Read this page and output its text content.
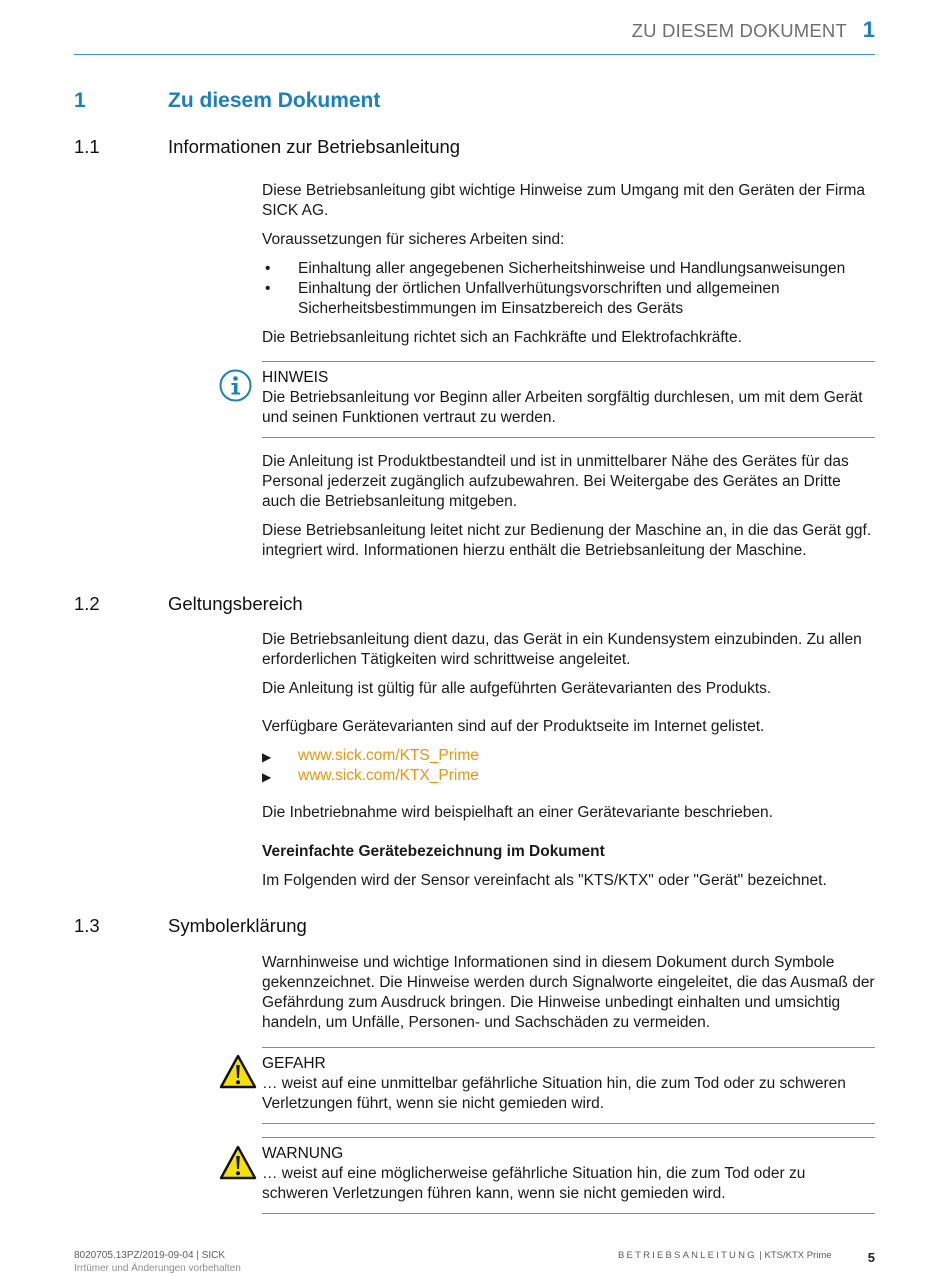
ZU DIESEM DOKUMENT 1
1	Zu diesem Dokument
1.1	Informationen zur Betriebsanleitung

Diese Betriebsanleitung gibt wichtige Hinweise zum Umgang mit den Geräten der Firma SICK AG.

Voraussetzungen für sicheres Arbeiten sind:

• Einhaltung aller angegebenen Sicherheitshinweise und Handlungsanweisungen
• Einhaltung der örtlichen Unfallverhütungsvorschriften und allgemeinen Sicherheitsbestimmungen im Einsatzbereich des Geräts

Die Betriebsanleitung richtet sich an Fachkräfte und Elektrofachkräfte.

HINWEIS
Die Betriebsanleitung vor Beginn aller Arbeiten sorgfältig durchlesen, um mit dem Gerät und seinen Funktionen vertraut zu werden.

Die Anleitung ist Produktbestandteil und ist in unmittelbarer Nähe des Gerätes für das Personal jederzeit zugänglich aufzubewahren. Bei Weitergabe des Gerätes an Dritte auch die Betriebsanleitung mitgeben.

Diese Betriebsanleitung leitet nicht zur Bedienung der Maschine an, in die das Gerät ggf. integriert wird. Informationen hierzu enthält die Betriebsanleitung der Maschine.

1.2	Geltungsbereich

Die Betriebsanleitung dient dazu, das Gerät in ein Kundensystem einzubinden. Zu allen erforderlichen Tätigkeiten wird schrittweise angeleitet.

Die Anleitung ist gültig für alle aufgeführten Gerätevarianten des Produkts.

Verfügbare Gerätevarianten sind auf der Produktseite im Internet gelistet.

▶ www.sick.com/KTS_Prime
▶ www.sick.com/KTX_Prime

Die Inbetriebnahme wird beispielhaft an einer Gerätevariante beschrieben.

Vereinfachte Gerätebezeichnung im Dokument

Im Folgenden wird der Sensor vereinfacht als "KTS/KTX" oder "Gerät" bezeichnet.

1.3	Symbolerklärung

Warnhinweise und wichtige Informationen sind in diesem Dokument durch Symbole gekennzeichnet. Die Hinweise werden durch Signalworte eingeleitet, die das Ausmaß der Gefährdung zum Ausdruck bringen. Die Hinweise unbedingt einhalten und umsichtig handeln, um Unfälle, Personen- und Sachschäden zu vermeiden.

GEFAHR
… weist auf eine unmittelbar gefährliche Situation hin, die zum Tod oder zu schweren Verletzungen führt, wenn sie nicht gemieden wird.
WARNUNG
… weist auf eine möglicherweise gefährliche Situation hin, die zum Tod oder zu schweren Verletzungen führen kann, wenn sie nicht gemieden wird.
8020705.13PZ/2019-09-04 | SICK
Irrtümer und Änderungen vorbehalten
BETRIEBSANLEITUNG | KTS/KTX Prime	5
